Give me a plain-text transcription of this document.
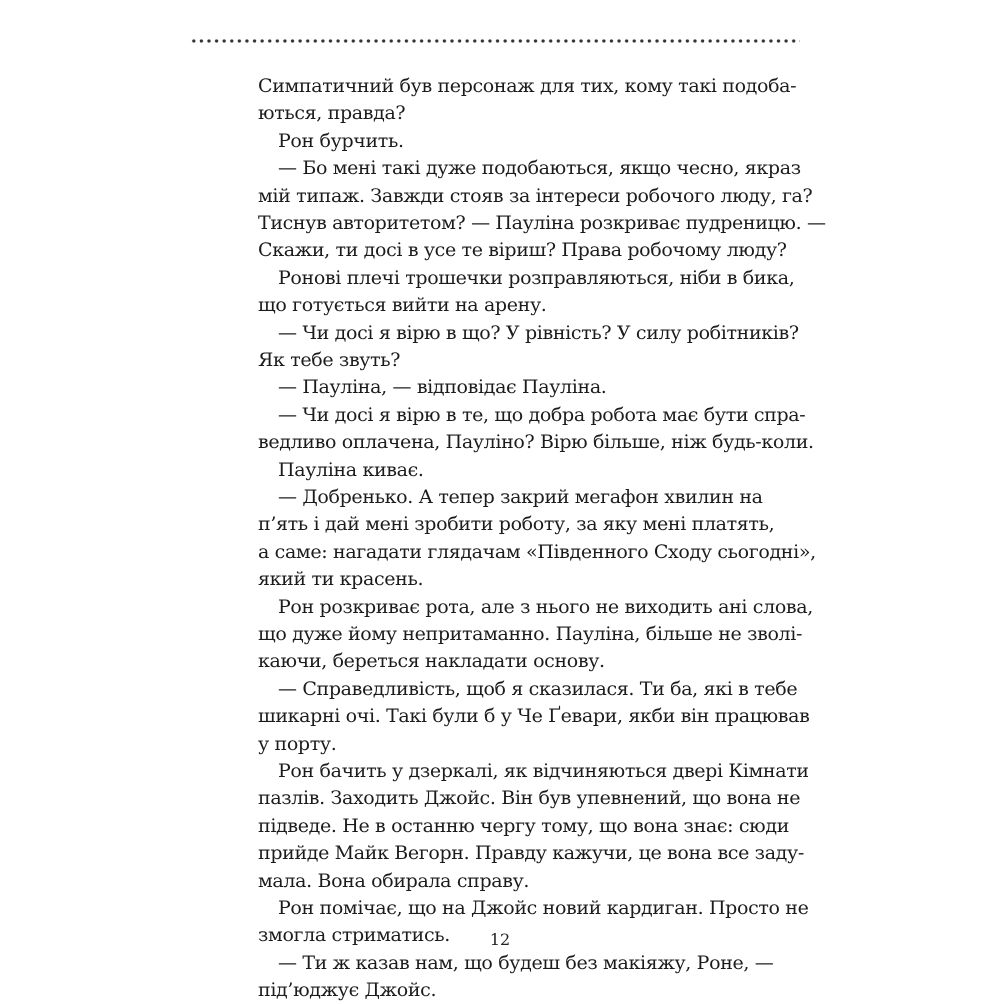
Симпатичний був персонаж для тих, кому такі подоба-
ються, правда?
Рон бурчить.
— Бо мені такі дуже подобаються, якщо чесно, якраз
мій типаж. Завжди стояв за інтереси робочого люду, га?
Тиснув авторитетом? — Пауліна розкриває пудреницю. —
Скажи, ти досі в усе те віриш? Права робочому люду?
Ронові плечі трошечки розправляються, ніби в бика,
що готується вийти на арену.
— Чи досі я вірю в що? У рівність? У силу робітників?
Як тебе звуть?
— Пауліна, — відповідає Пауліна.
— Чи досі я вірю в те, що добра робота має бути спра-
ведливо оплачена, Пауліно? Вірю більше, ніж будь-коли.
Пауліна киває.
— Добренько. А тепер закрий мегафон хвилин на
п’ять і дай мені зробити роботу, за яку мені платять,
а саме: нагадати глядачам «Південного Сходу сьогодні»,
який ти красень.
Рон розкриває рота, але з нього не виходить ані слова,
що дуже йому непритаманно. Пауліна, більше не зволі-
каючи, береться накладати основу.
— Справедливість, щоб я сказилася. Ти ба, які в тебе
шикарні очі. Такі були б у Че Ґевари, якби він працював
у порту.
Рон бачить у дзеркалі, як відчиняються двері Кімнати
пазлів. Заходить Джойс. Він був упевнений, що вона не
підведе. Не в останню чергу тому, що вона знає: сюди
прийде Майк Вегорн. Правду кажучи, це вона все заду-
мала. Вона обирала справу.
Рон помічає, що на Джойс новий кардиган. Просто не
змогла стриматись.
— Ти ж казав нам, що будеш без макіяжу, Роне, —
під’юджує Джойс.
12
